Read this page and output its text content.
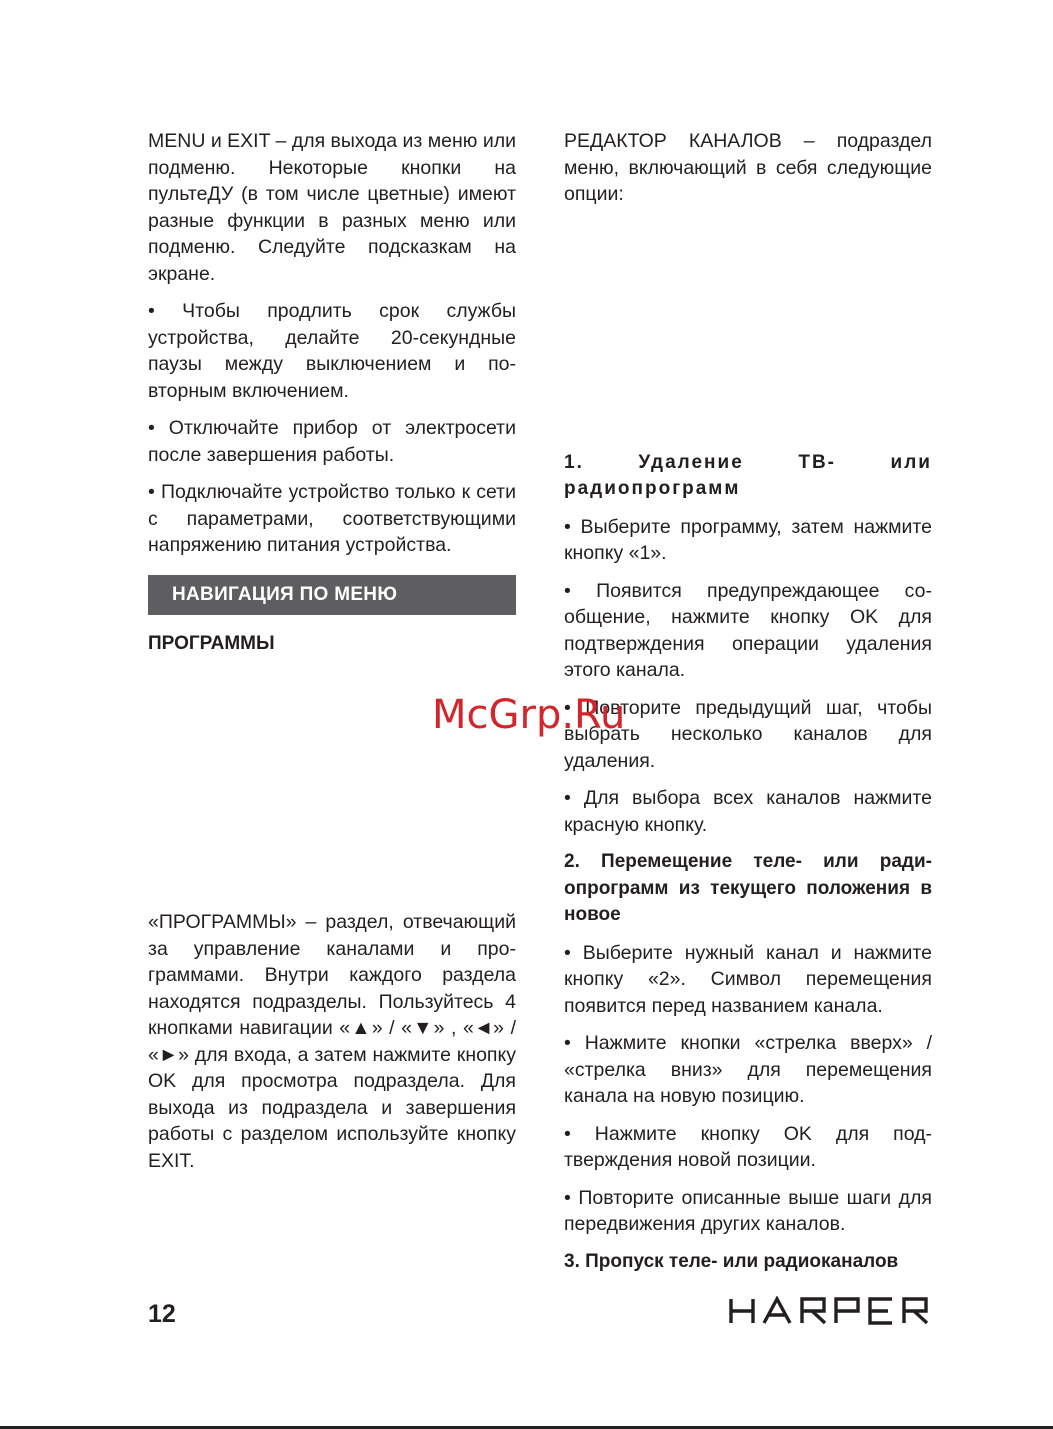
MENU и EXIT – для выхода из меню или подменю. Некоторые кнопки на пультеДУ (в том числе цветные) имеют разные функции в разных меню или подменю. Следуйте подсказкам на экране.

• Чтобы продлить срок службы устройства, делайте 20-секундные паузы между выключением и повторным включением.

• Отключайте прибор от электросети после завершения работы.

• Подключайте устройство только к сети с параметрами, соответствующими напряжению питания устройства.

НАВИГАЦИЯ ПО МЕНЮ
ПРОГРАММЫ

«ПРОГРАММЫ» – раздел, отвечающий за управление каналами и программами. Внутри каждого раздела находятся подразделы. Пользуйтесь 4 кнопками навигации «▲» / «▼» , «◄» / «►» для входа, а затем нажмите кнопку OK для просмотра подраздела. Для выхода из подраздела и завершения работы с разделом используйте кнопку EXIT.

РЕДАКТОР КАНАЛОВ – подраздел меню, включающий в себя следующие опции:

1. Удаление ТВ- или радиопрограмм

• Выберите программу, затем нажмите кнопку «1».

• Появится предупреждающее сообщение, нажмите кнопку OK для подтверждения операции удаления этого канала.

• Повторите предыдущий шаг, чтобы выбрать несколько каналов для удаления.

• Для выбора всех каналов нажмите красную кнопку.

2. Перемещение теле- или радиопрограмм из текущего положения в новое

• Выберите нужный канал и нажмите кнопку «2». Символ перемещения появится перед названием канала.

• Нажмите кнопки «стрелка вверх» / «стрелка вниз» для перемещения канала на новую позицию.

• Нажмите кнопку OK для подтверждения новой позиции.

• Повторите описанные выше шаги для передвижения других каналов.

3. Пропуск теле- или радиоканалов
12
McGrp.Ru
